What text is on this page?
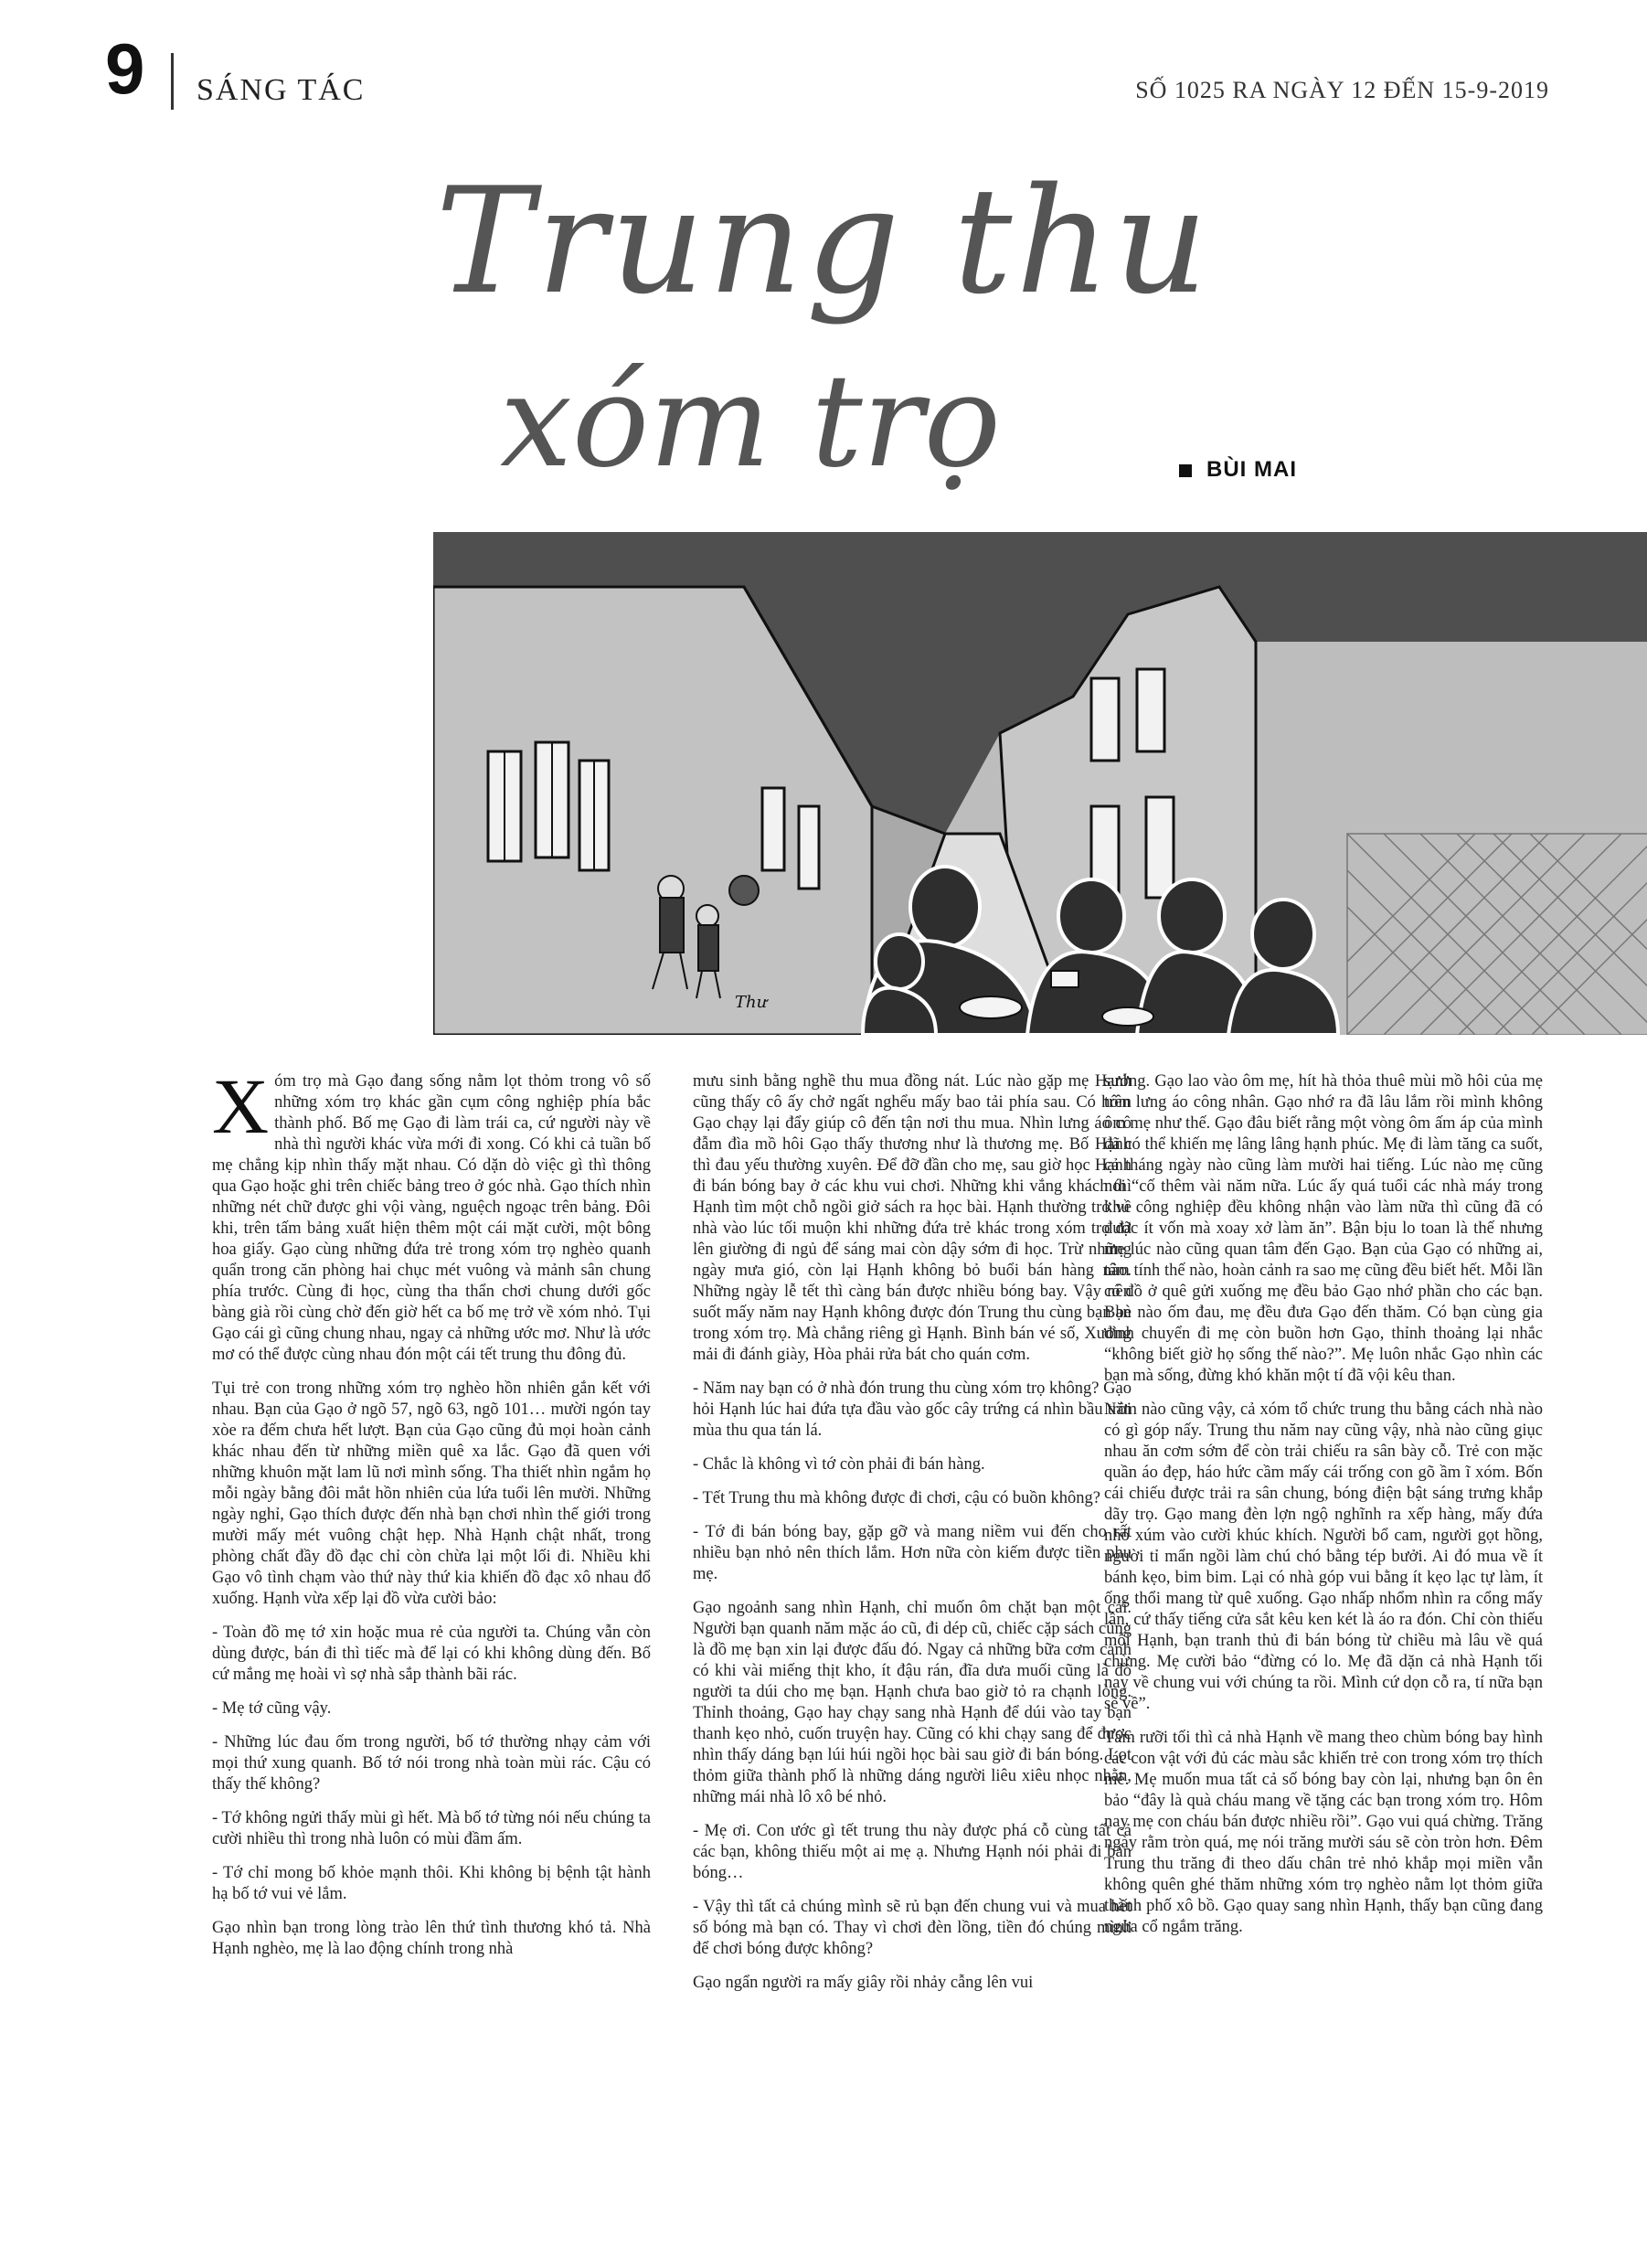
9 SÁNG TÁC	SỐ 1025 RA NGÀY 12 ĐẾN 15-9-2019
Trung thu
xóm trọ	BÙI MAI
Thư

Xóm trọ mà Gạo đang sống nằm lọt thỏm trong vô số những xóm trọ khác gần cụm công nghiệp phía bắc thành phố. Bố mẹ Gạo đi làm trái ca, cứ người này về nhà thì người khác vừa mới đi xong. Có khi cả tuần bố mẹ chẳng kịp nhìn thấy mặt nhau. Có dặn dò việc gì thì thông qua Gạo hoặc ghi trên chiếc bảng treo ở góc nhà. Gạo thích nhìn những nét chữ được ghi vội vàng, nguệch ngoạc trên bảng. Đôi khi, trên tấm bảng xuất hiện thêm một cái mặt cười, một bông hoa giấy. Gạo cùng những đứa trẻ trong xóm trọ nghèo quanh quẩn trong căn phòng hai chục mét vuông và mảnh sân chung phía trước. Cùng đi học, cùng tha thẩn chơi chung dưới gốc bàng già rồi cùng chờ đến giờ hết ca bố mẹ trở về xóm nhỏ. Tụi Gạo cái gì cũng chung nhau, ngay cả những ước mơ. Như là ước mơ có thể được cùng nhau đón một cái tết trung thu đông đủ.

Tụi trẻ con trong những xóm trọ nghèo hồn nhiên gắn kết với nhau. Bạn của Gạo ở ngõ 57, ngõ 63, ngõ 101… mười ngón tay xòe ra đếm chưa hết lượt. Bạn của Gạo cũng đủ mọi hoàn cảnh khác nhau đến từ những miền quê xa lắc. Gạo đã quen với những khuôn mặt lam lũ nơi mình sống. Tha thiết nhìn ngắm họ mỗi ngày bằng đôi mắt hồn nhiên của lứa tuổi lên mười. Những ngày nghỉ, Gạo thích được đến nhà bạn chơi nhìn thế giới trong mười mấy mét vuông chật hẹp. Nhà Hạnh chật nhất, trong phòng chất đầy đồ đạc chỉ còn chừa lại một lối đi. Nhiều khi Gạo vô tình chạm vào thứ này thứ kia khiến đồ đạc xô nhau đổ xuống. Hạnh vừa xếp lại đồ vừa cười bảo:

- Toàn đồ mẹ tớ xin hoặc mua rẻ của người ta. Chúng vẫn còn dùng được, bán đi thì tiếc mà để lại có khi không dùng đến. Bố cứ mắng mẹ hoài vì sợ nhà sắp thành bãi rác.

- Mẹ tớ cũng vậy.

- Những lúc đau ốm trong người, bố tớ thường nhạy cảm với mọi thứ xung quanh. Bố tớ nói trong nhà toàn mùi rác. Cậu có thấy thế không?

- Tớ không ngửi thấy mùi gì hết. Mà bố tớ từng nói nếu chúng ta cười nhiều thì trong nhà luôn có mùi đầm ấm.

- Tớ chỉ mong bố khỏe mạnh thôi. Khi không bị bệnh tật hành hạ bố tớ vui vẻ lắm.

Gạo nhìn bạn trong lòng trào lên thứ tình thương khó tả. Nhà Hạnh nghèo, mẹ là lao động chính trong nhà

mưu sinh bằng nghề thu mua đồng nát. Lúc nào gặp mẹ Hạnh cũng thấy cô ấy chở ngất nghểu mấy bao tải phía sau. Có hôm Gạo chạy lại đẩy giúp cô đến tận nơi thu mua. Nhìn lưng áo cô đẫm đìa mồ hôi Gạo thấy thương như là thương mẹ. Bố Hạnh thì đau yếu thường xuyên. Để đỡ đần cho mẹ, sau giờ học Hạnh đi bán bóng bay ở các khu vui chơi. Những khi vắng khách thì Hạnh tìm một chỗ ngồi giở sách ra học bài. Hạnh thường trở về nhà vào lúc tối muộn khi những đứa trẻ khác trong xóm trọ đã lên giường đi ngủ để sáng mai còn dậy sớm đi học. Trừ những ngày mưa gió, còn lại Hạnh không bỏ buổi bán hàng nào. Những ngày lễ tết thì càng bán được nhiều bóng bay. Vậy nên suốt mấy năm nay Hạnh không được đón Trung thu cùng bạn bè trong xóm trọ. Mà chẳng riêng gì Hạnh. Bình bán vé số, Xương mải đi đánh giày, Hòa phải rửa bát cho quán cơm.

- Năm nay bạn có ở nhà đón trung thu cùng xóm trọ không? Gạo hỏi Hạnh lúc hai đứa tựa đầu vào gốc cây trứng cá nhìn bầu trời mùa thu qua tán lá.

- Chắc là không vì tớ còn phải đi bán hàng.

- Tết Trung thu mà không được đi chơi, cậu có buồn không?

- Tớ đi bán bóng bay, gặp gỡ và mang niềm vui đến cho rất nhiều bạn nhỏ nên thích lắm. Hơn nữa còn kiếm được tiền phụ mẹ.

Gạo ngoảnh sang nhìn Hạnh, chỉ muốn ôm chặt bạn một cái. Người bạn quanh năm mặc áo cũ, đi dép cũ, chiếc cặp sách cũng là đồ mẹ bạn xin lại được đấu đó. Ngay cả những bữa cơm canh có khi vài miếng thịt kho, ít đậu rán, đĩa dưa muối cũng là đồ người ta dúi cho mẹ bạn. Hạnh chưa bao giờ tỏ ra chạnh lòng. Thỉnh thoảng, Gạo hay chạy sang nhà Hạnh để dúi vào tay bạn thanh kẹo nhỏ, cuốn truyện hay. Cũng có khi chạy sang để được nhìn thấy dáng bạn lúi húi ngồi học bài sau giờ đi bán bóng. Lọt thỏm giữa thành phố là những dáng người liêu xiêu nhọc nhằn, những mái nhà lô xô bé nhỏ.

- Mẹ ơi. Con ước gì tết trung thu này được phá cỗ cùng tất cả các bạn, không thiếu một ai mẹ ạ. Nhưng Hạnh nói phải đi bán bóng…

- Vậy thì tất cả chúng mình sẽ rủ bạn đến chung vui và mua hết số bóng mà bạn có. Thay vì chơi đèn lồng, tiền đó chúng mình để chơi bóng được không?

Gạo ngẩn người ra mấy giây rồi nhảy cẫng lên vui

sướng. Gạo lao vào ôm mẹ, hít hà thỏa thuê mùi mồ hôi của mẹ trên lưng áo công nhân. Gạo nhớ ra đã lâu lắm rồi mình không ôm mẹ như thế. Gạo đâu biết rằng một vòng ôm ấm áp của mình đã có thể khiến mẹ lâng lâng hạnh phúc. Mẹ đi làm tăng ca suốt, cả tháng ngày nào cũng làm mười hai tiếng. Lúc nào mẹ cũng nói “cố thêm vài năm nữa. Lúc ấy quá tuổi các nhà máy trong khu công nghiệp đều không nhận vào làm nữa thì cũng đã có được ít vốn mà xoay xở làm ăn”. Bận bịu lo toan là thế nhưng mẹ lúc nào cũng quan tâm đến Gạo. Bạn của Gạo có những ai, tâm tính thế nào, hoàn cảnh ra sao mẹ cũng đều biết hết. Mỗi lần có đồ ở quê gửi xuống mẹ đều bảo Gạo nhớ phần cho các bạn. Bạn nào ốm đau, mẹ đều đưa Gạo đến thăm. Có bạn cùng gia đình chuyển đi mẹ còn buồn hơn Gạo, thỉnh thoảng lại nhắc “không biết giờ họ sống thế nào?”. Mẹ luôn nhắc Gạo nhìn các bạn mà sống, đừng khó khăn một tí đã vội kêu than.

Năm nào cũng vậy, cả xóm tổ chức trung thu bằng cách nhà nào có gì góp nấy. Trung thu năm nay cũng vậy, nhà nào cũng giục nhau ăn cơm sớm để còn trải chiếu ra sân bày cỗ. Trẻ con mặc quần áo đẹp, háo hức cầm mấy cái trống con gõ ầm ĩ xóm. Bốn cái chiếu được trải ra sân chung, bóng điện bật sáng trưng khắp dãy trọ. Gạo mang đèn lợn ngộ nghĩnh ra xếp hàng, mấy đứa nhỏ xúm vào cười khúc khích. Người bổ cam, người gọt hồng, người tỉ mẩn ngồi làm chú chó bằng tép bưởi. Ai đó mua về ít bánh kẹo, bim bim. Lại có nhà góp vui bằng ít kẹo lạc tự làm, ít ống thổi mang từ quê xuống. Gạo nhấp nhổm nhìn ra cổng mấy lần, cứ thấy tiếng cửa sắt kêu ken két là áo ra đón. Chỉ còn thiếu mỗi Hạnh, bạn tranh thủ đi bán bóng từ chiều mà lâu về quá chừng. Mẹ cười bảo “đừng có lo. Mẹ đã dặn cả nhà Hạnh tối nay về chung vui với chúng ta rồi. Mình cứ dọn cỗ ra, tí nữa bạn sẽ về”.

Tám rưỡi tối thì cả nhà Hạnh về mang theo chùm bóng bay hình các con vật với đủ các màu sắc khiến trẻ con trong xóm trọ thích mê. Mẹ muốn mua tất cả số bóng bay còn lại, nhưng bạn ôn ên bảo “đây là quà cháu mang về tặng các bạn trong xóm trọ. Hôm nay mẹ con cháu bán được nhiều rồi”. Gạo vui quá chừng. Trăng ngày rằm tròn quá, mẹ nói trăng mười sáu sẽ còn tròn hơn. Đêm Trung thu trăng đi theo dấu chân trẻ nhỏ khắp mọi miền vẫn không quên ghé thăm những xóm trọ nghèo nằm lọt thỏm giữa thành phố xô bồ. Gạo quay sang nhìn Hạnh, thấy bạn cũng đang ngửa cổ ngắm trăng.
